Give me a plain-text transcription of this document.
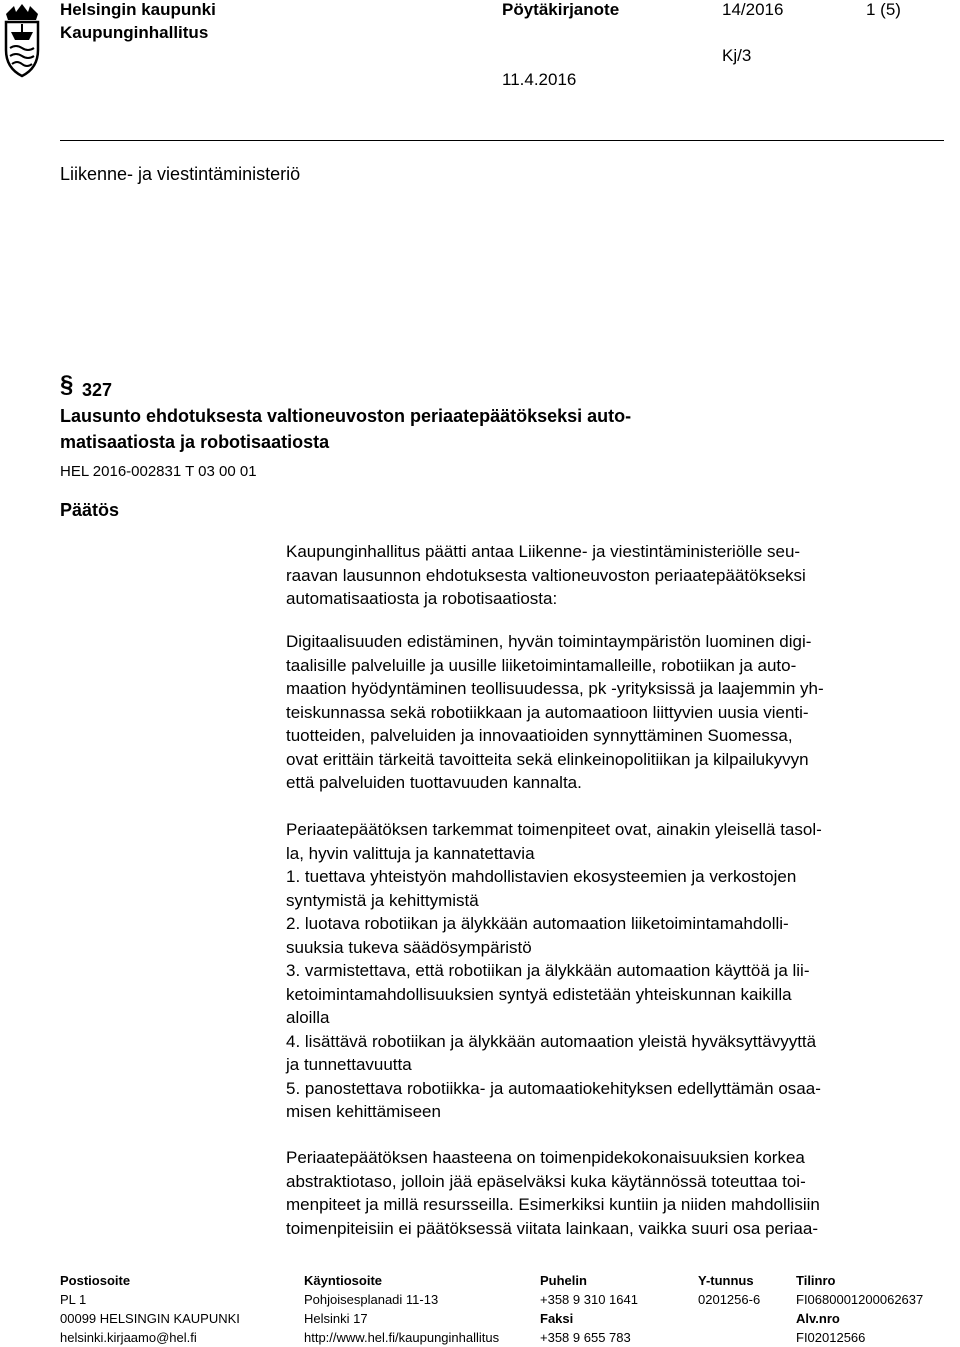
Helsingin kaupunki
Kaupunginhallitus
Pöytäkirjanote	14/2016	1 (5)
Kj/3
11.4.2016
Liikenne- ja viestintäministeriö
§ 327
Lausunto ehdotuksesta valtioneuvoston periaatepäätökseksi auto-
matisaatiosta ja robotisaatiosta
HEL 2016-002831 T 03 00 01
Päätös
Kaupunginhallitus päätti antaa Liikenne- ja viestintäministeriölle seu-
raavan lausunnon ehdotuksesta valtioneuvoston periaatepäätökseksi
automatisaatiosta ja robotisaatiosta:
Digitaalisuuden edistäminen, hyvän toimintaympäristön luominen digi-
taalisille palveluille ja uusille liiketoimintamalleille, robotiikan ja auto-
maation hyödyntäminen teollisuudessa, pk -yrityksissä ja laajemmin yh-
teiskunnassa sekä robotiikkaan ja automaatioon liittyvien uusia vienti-
tuotteiden, palveluiden ja innovaatioiden synnyttäminen Suomessa,
ovat erittäin tärkeitä tavoitteita sekä elinkeinopolitiikan ja kilpailukyvyn
että palveluiden tuottavuuden kannalta.
Periaatepäätöksen tarkemmat toimenpiteet ovat, ainakin yleisellä tasol-
la, hyvin valittuja ja kannatettavia
1. tuettava yhteistyön mahdollistavien ekosysteemien ja verkostojen
syntymistä ja kehittymistä
2. luotava robotiikan ja älykkään automaation liiketoimintamahdolli-
suuksia tukeva säädösympäristö
3. varmistettava, että robotiikan ja älykkään automaation käyttöä ja lii-
ketoimintamahdollisuuksien syntyä edistetään yhteiskunnan kaikilla
aloilla
4. lisättävä robotiikan ja älykkään automaation yleistä hyväksyttävyyttä
ja tunnettavuutta
5. panostettava robotiikka- ja automaatiokehityksen edellyttämän osaa-
misen kehittämiseen
Periaatepäätöksen haasteena on toimenpidekokonaisuuksien korkea
abstraktiotaso, jolloin jää epäselväksi kuka käytännössä toteuttaa toi-
menpiteet ja millä resursseilla. Esimerkiksi kuntiin ja niiden mahdollisiin
toimenpiteisiin ei päätöksessä viitata lainkaan, vaikka suuri osa periaa-
Postiosoite
PL 1
00099 HELSINGIN KAUPUNKI
helsinki.kirjaamo@hel.fi
Käyntiosoite
Pohjoisesplanadi 11-13
Helsinki 17
http://www.hel.fi/kaupunginhallitus
Puhelin
+358 9 310 1641
Faksi
+358 9 655 783
Y-tunnus
0201256-6
Tilinro
FI0680001200062637
Alv.nro
FI02012566
